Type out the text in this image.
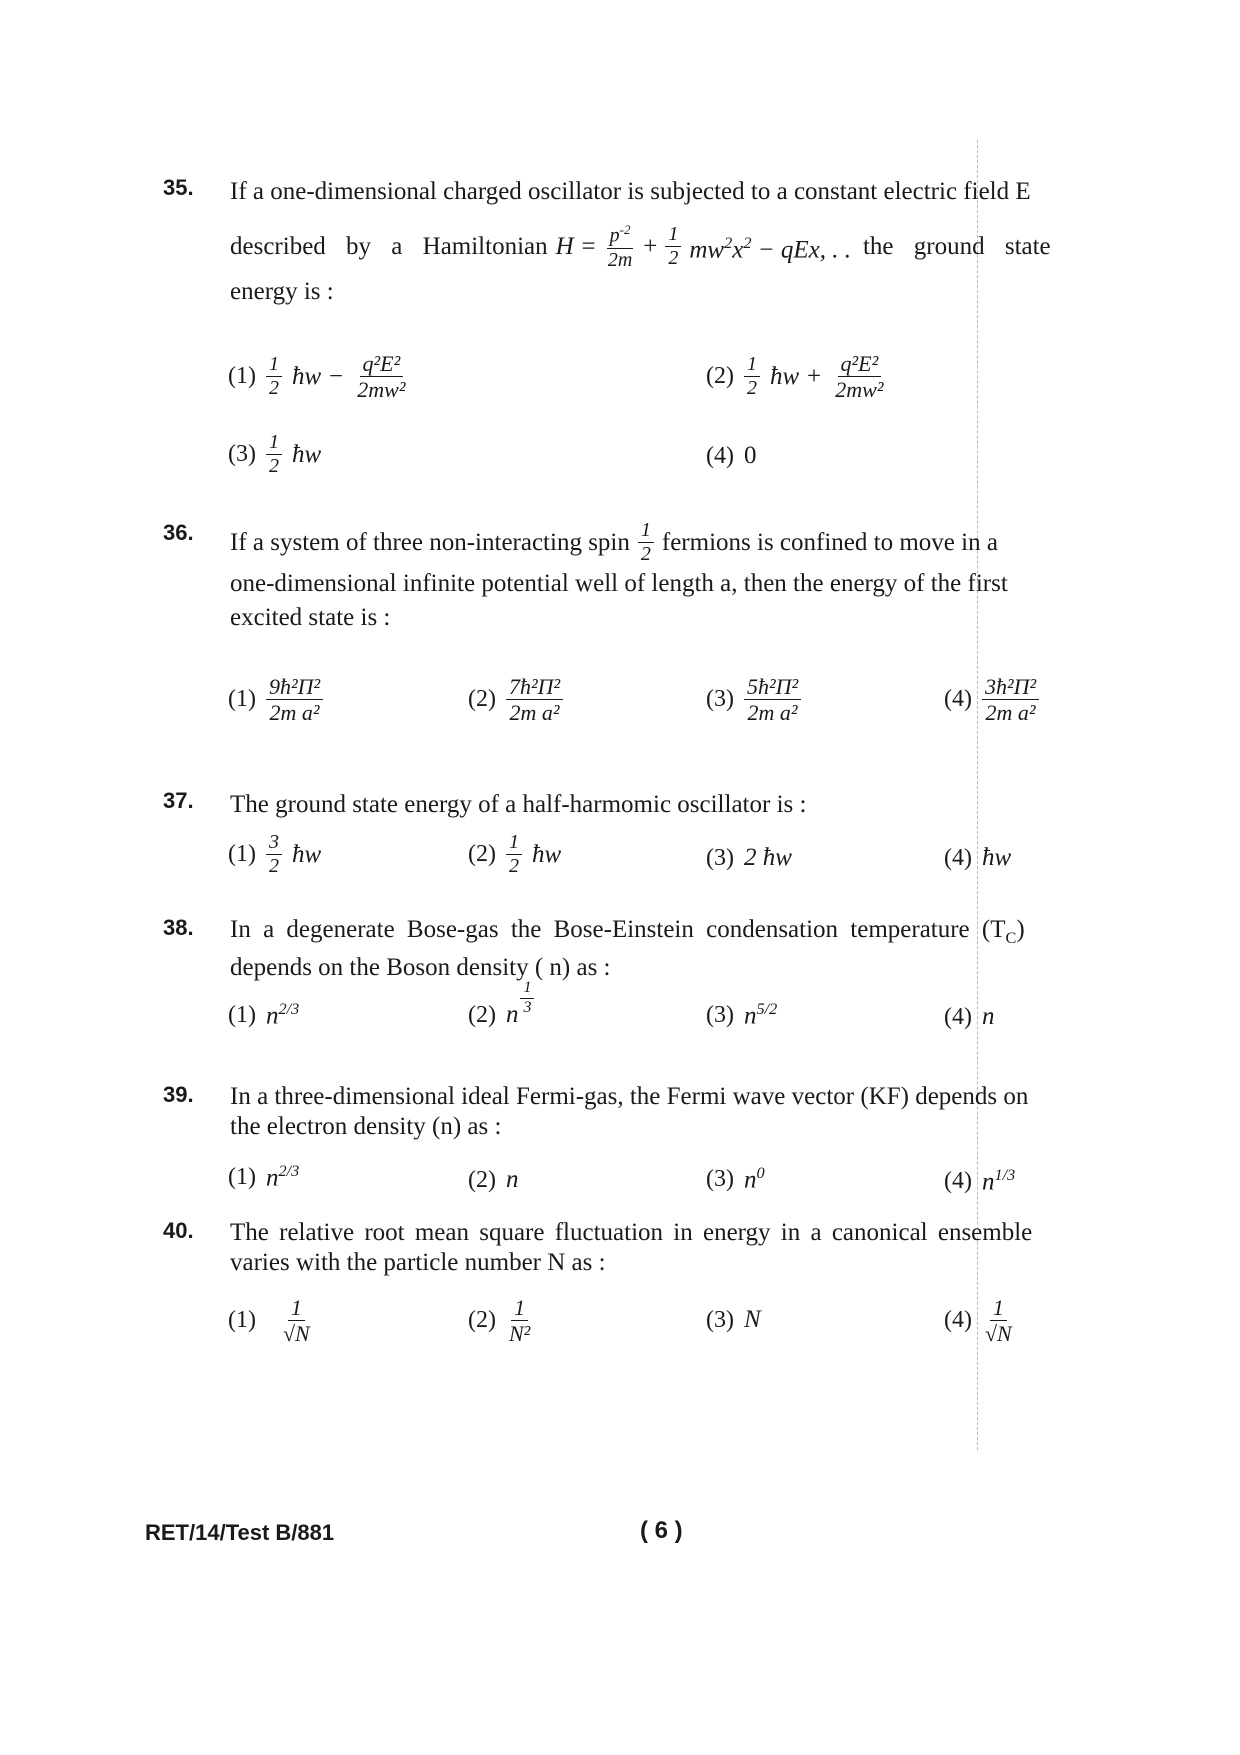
35. If a one-dimensional charged oscillator is subjected to a constant electric field E
described by a Hamiltonian $H = \frac{p^{-2}}{2m} + \frac{1}{2} mw^2x^2$ − qEx, . . the ground state
energy is :
$(1) \frac{1}{2}$ ħw − $\frac{\text{q²E²}}{\text{2mw²}}$	$(2) \frac{1}{2}$ ħw + $\frac{\text{q²E²}}{\text{2mw²}}$
$(3) \frac{1}{2}$ ħw	(4) 0
36. If a system of three non-interacting spin $\frac{1}{2}$ fermions is confined to move in a
one-dimensional infinite potential well of length a, then the energy of the first
excited state is :
$(1) \frac{\text{9ħ²Π²}}{\text{2m a²}}$	$(2) \frac{\text{7ħ²Π²}}{\text{2m a²}}$	$(3) \frac{\text{5ħ²Π²}}{\text{2m a²}}$	$(4) \frac{\text{3ħ²Π²}}{\text{2m a²}}$
37. The ground state energy of a half-harmomic oscillator is :
$(1) \frac{3}{2}$ ħw	$(2) \frac{1}{2}$ ħw	(3) 2 ħw	(4) ħw
38. In a degenerate Bose-gas the Bose-Einstein condensation temperature $(T_C)$
depends on the Boson density ( n) as :
(1) $n^{2/3}$	(2) n $\frac{1}{3}$	(3) $n^{5/2}$	(4) n
39. In a three-dimensional ideal Fermi-gas, the Fermi wave vector (KF) depends on
the electron density (n) as :
(1) $n^{2/3}$	(2) n	(3) $n^0$	(4) $n^{1/3}$
40. The relative root mean square fluctuation in energy in a canonical ensemble
varies with the particle number N as :
$(1) \frac{1}{√N}$	$(2) \frac{1}{\text{N²}}$	(3) N	$(4) \frac{1}{√N}$
RET/14/Test B/881	( 6 )
